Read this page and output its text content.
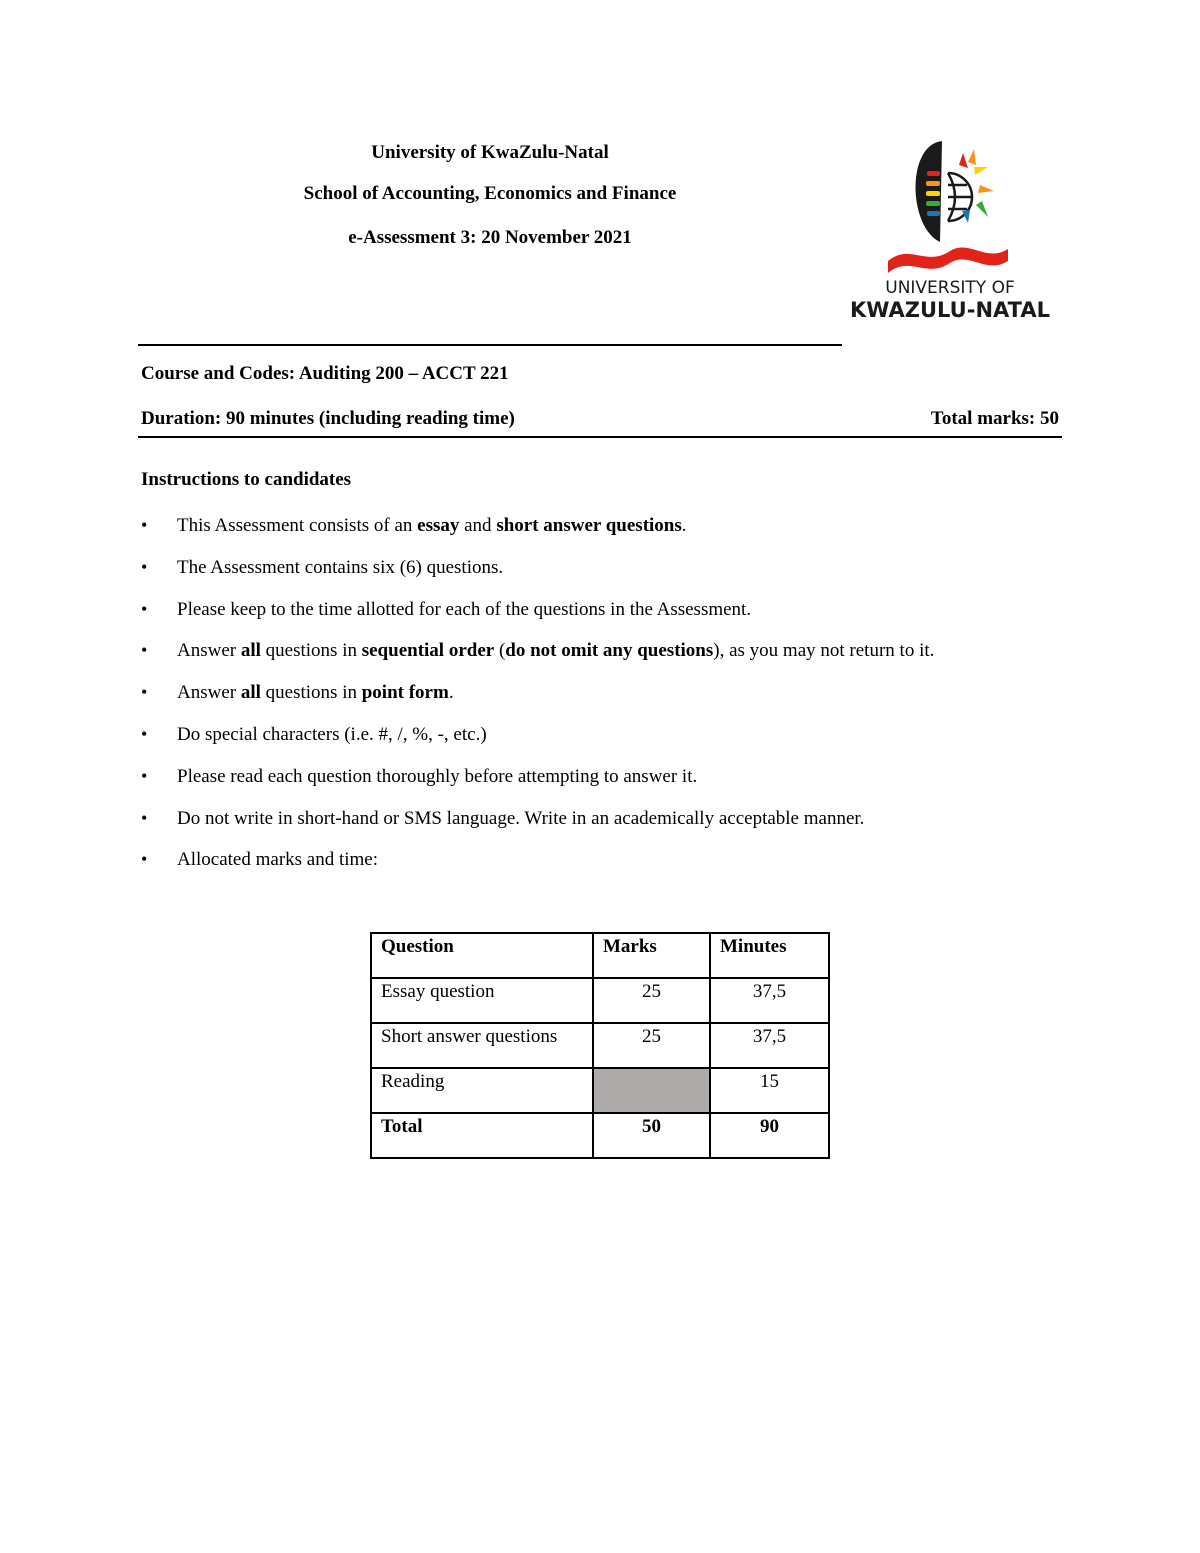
University of KwaZulu-Natal
School of Accounting, Economics and Finance
e-Assessment 3: 20 November 2021
UNIVERSITY OF
KWAZULU-NATAL
Course and Codes: Auditing 200 – ACCT 221
Duration: 90 minutes (including reading time)	Total marks: 50
Instructions to candidates
• This Assessment consists of an essay and short answer questions.
• The Assessment contains six (6) questions.
• Please keep to the time allotted for each of the questions in the Assessment.
• Answer all questions in sequential order (do not omit any questions), as you may not return to it.
• Answer all questions in point form.
• Do special characters (i.e. #, /, %, -, etc.)
• Please read each question thoroughly before attempting to answer it.
• Do not write in short-hand or SMS language. Write in an academically acceptable manner.
• Allocated marks and time:
Question	Marks	Minutes
Essay question	25	37,5
Short answer questions	25	37,5
Reading		15
Total	50	90
